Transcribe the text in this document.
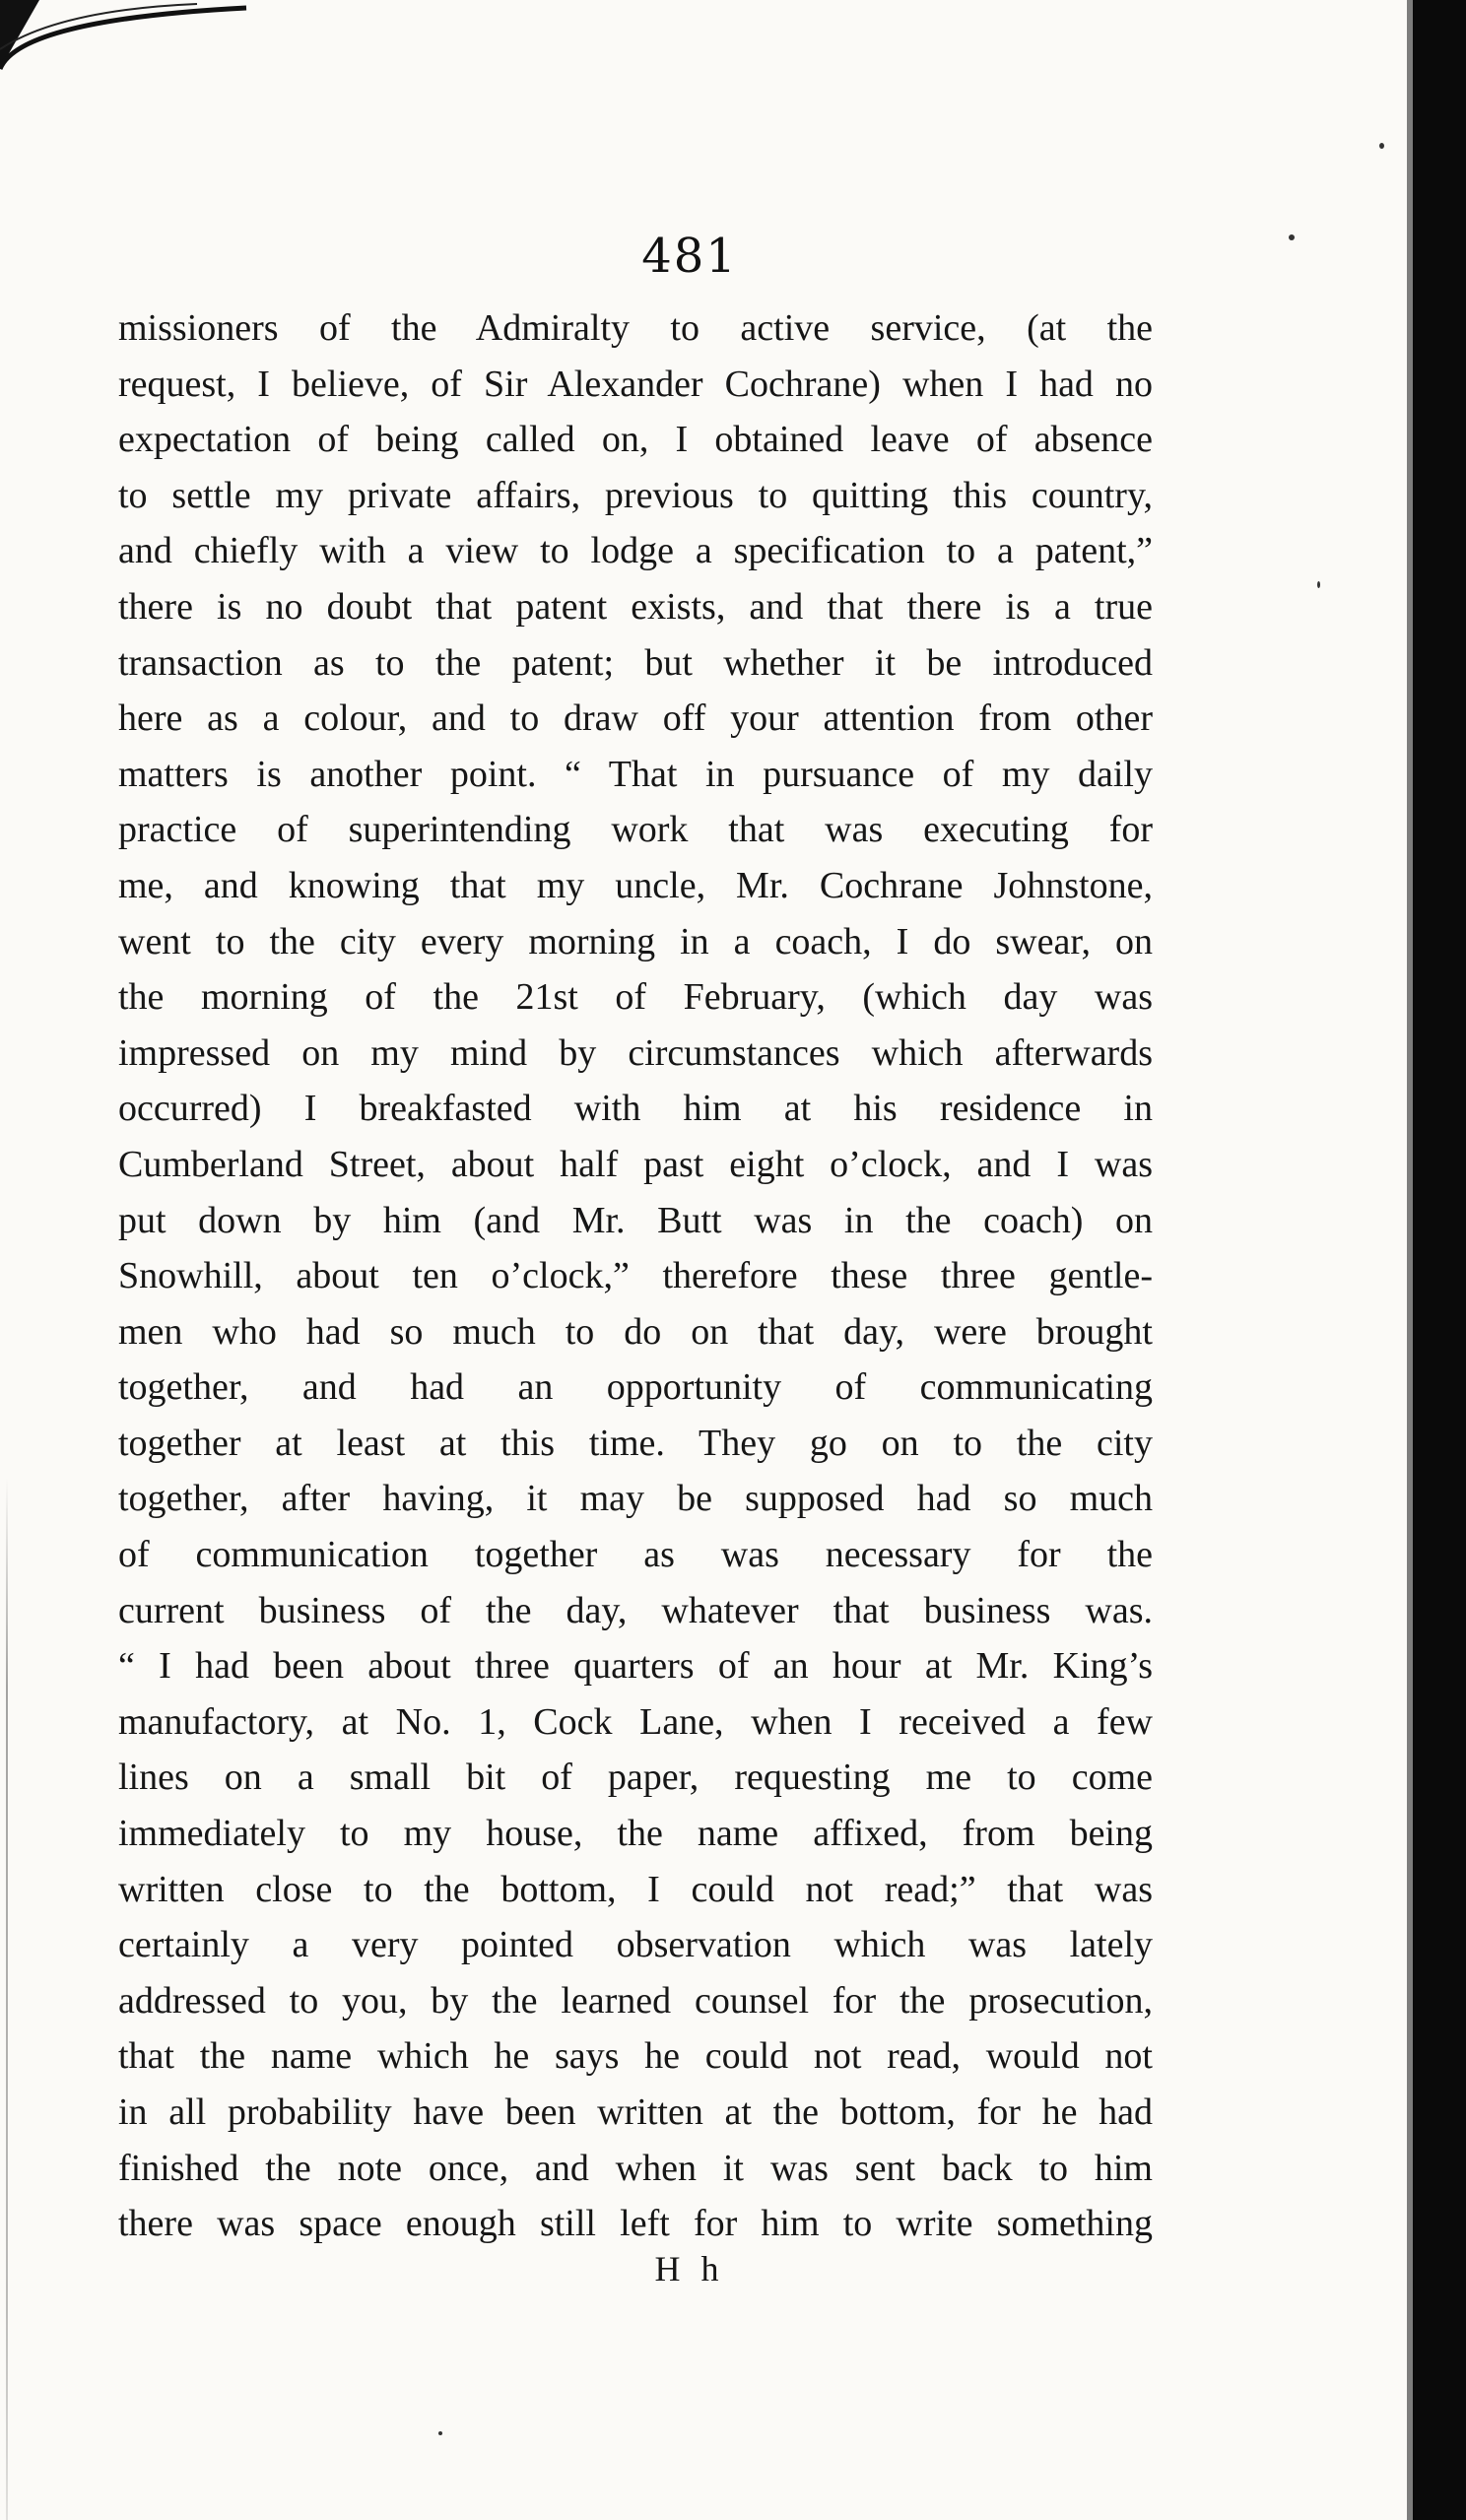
481
missioners of the Admiralty to active service, (at the
request, I believe, of Sir Alexander Cochrane) when I had no
expectation of being called on, I obtained leave of absence
to settle my private affairs, previous to quitting this country,
and chiefly with a view to lodge a specification to a patent,”
there is no doubt that patent exists, and that there is a true
transaction as to the patent; but whether it be introduced
here as a colour, and to draw off your attention from other
matters is another point. “ That in pursuance of my daily
practice of superintending work that was executing for
me, and knowing that my uncle, Mr. Cochrane Johnstone,
went to the city every morning in a coach, I do swear, on
the morning of the 21st of February, (which day was
impressed on my mind by circumstances which afterwards
occurred) I breakfasted with him at his residence in
Cumberland Street, about half past eight o’clock, and I was
put down by him (and Mr. Butt was in the coach) on
Snowhill, about ten o’clock,” therefore these three gentle-
men who had so much to do on that day, were brought
together, and had an opportunity of communicating
together at least at this time. They go on to the city
together, after having, it may be supposed had so much
of communication together as was necessary for the
current business of the day, whatever that business was.
“ I had been about three quarters of an hour at Mr. King’s
manufactory, at No. 1, Cock Lane, when I received a few
lines on a small bit of paper, requesting me to come
immediately to my house, the name affixed, from being
written close to the bottom, I could not read;” that was
certainly a very pointed observation which was lately
addressed to you, by the learned counsel for the prosecution,
that the name which he says he could not read, would not
in all probability have been written at the bottom, for he had
finished the note once, and when it was sent back to him
there was space enough still left for him to write something
H h
